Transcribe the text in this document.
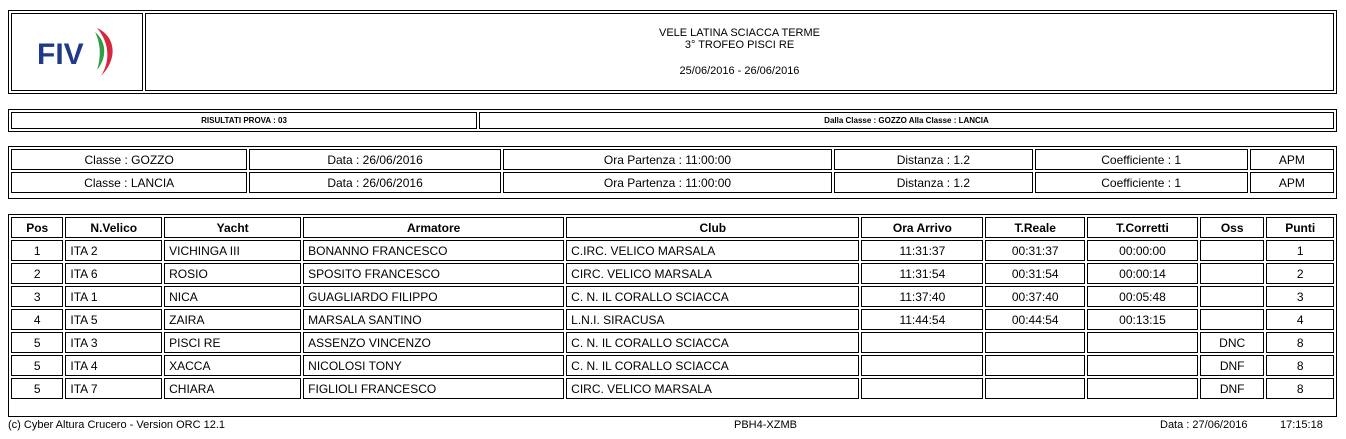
FIV
VELE LATINA SCIACCA TERME
3° TROFEO PISCI RE
25/06/2016 - 26/06/2016
RISULTATI PROVA : 03	Dalla Classe : GOZZO Alla Classe : LANCIA
Classe : GOZZO	Data : 26/06/2016	Ora Partenza : 11:00:00	Distanza : 1.2	Coefficiente : 1	APM
Classe : LANCIA	Data : 26/06/2016	Ora Partenza : 11:00:00	Distanza : 1.2	Coefficiente : 1	APM
Pos	N.Velico	Yacht	Armatore	Club	Ora Arrivo	T.Reale	T.Corretti	Oss	Punti
1	ITA 2	VICHINGA III	BONANNO FRANCESCO	C.IRC. VELICO MARSALA	11:31:37	00:31:37	00:00:00		1
2	ITA 6	ROSIO	SPOSITO FRANCESCO	CIRC. VELICO MARSALA	11:31:54	00:31:54	00:00:14		2
3	ITA 1	NICA	GUAGLIARDO FILIPPO	C. N. IL CORALLO SCIACCA	11:37:40	00:37:40	00:05:48		3
4	ITA 5	ZAIRA	MARSALA SANTINO	L.N.I. SIRACUSA	11:44:54	00:44:54	00:13:15		4
5	ITA 3	PISCI RE	ASSENZO VINCENZO	C. N. IL CORALLO SCIACCA				DNC	8
5	ITA 4	XACCA	NICOLOSI TONY	C. N. IL CORALLO SCIACCA				DNF	8
5	ITA 7	CHIARA	FIGLIOLI FRANCESCO	CIRC. VELICO MARSALA				DNF	8
(c) Cyber Altura Crucero - Version ORC 12.1	PBH4-XZMB	Data : 27/06/2016	17:15:18
